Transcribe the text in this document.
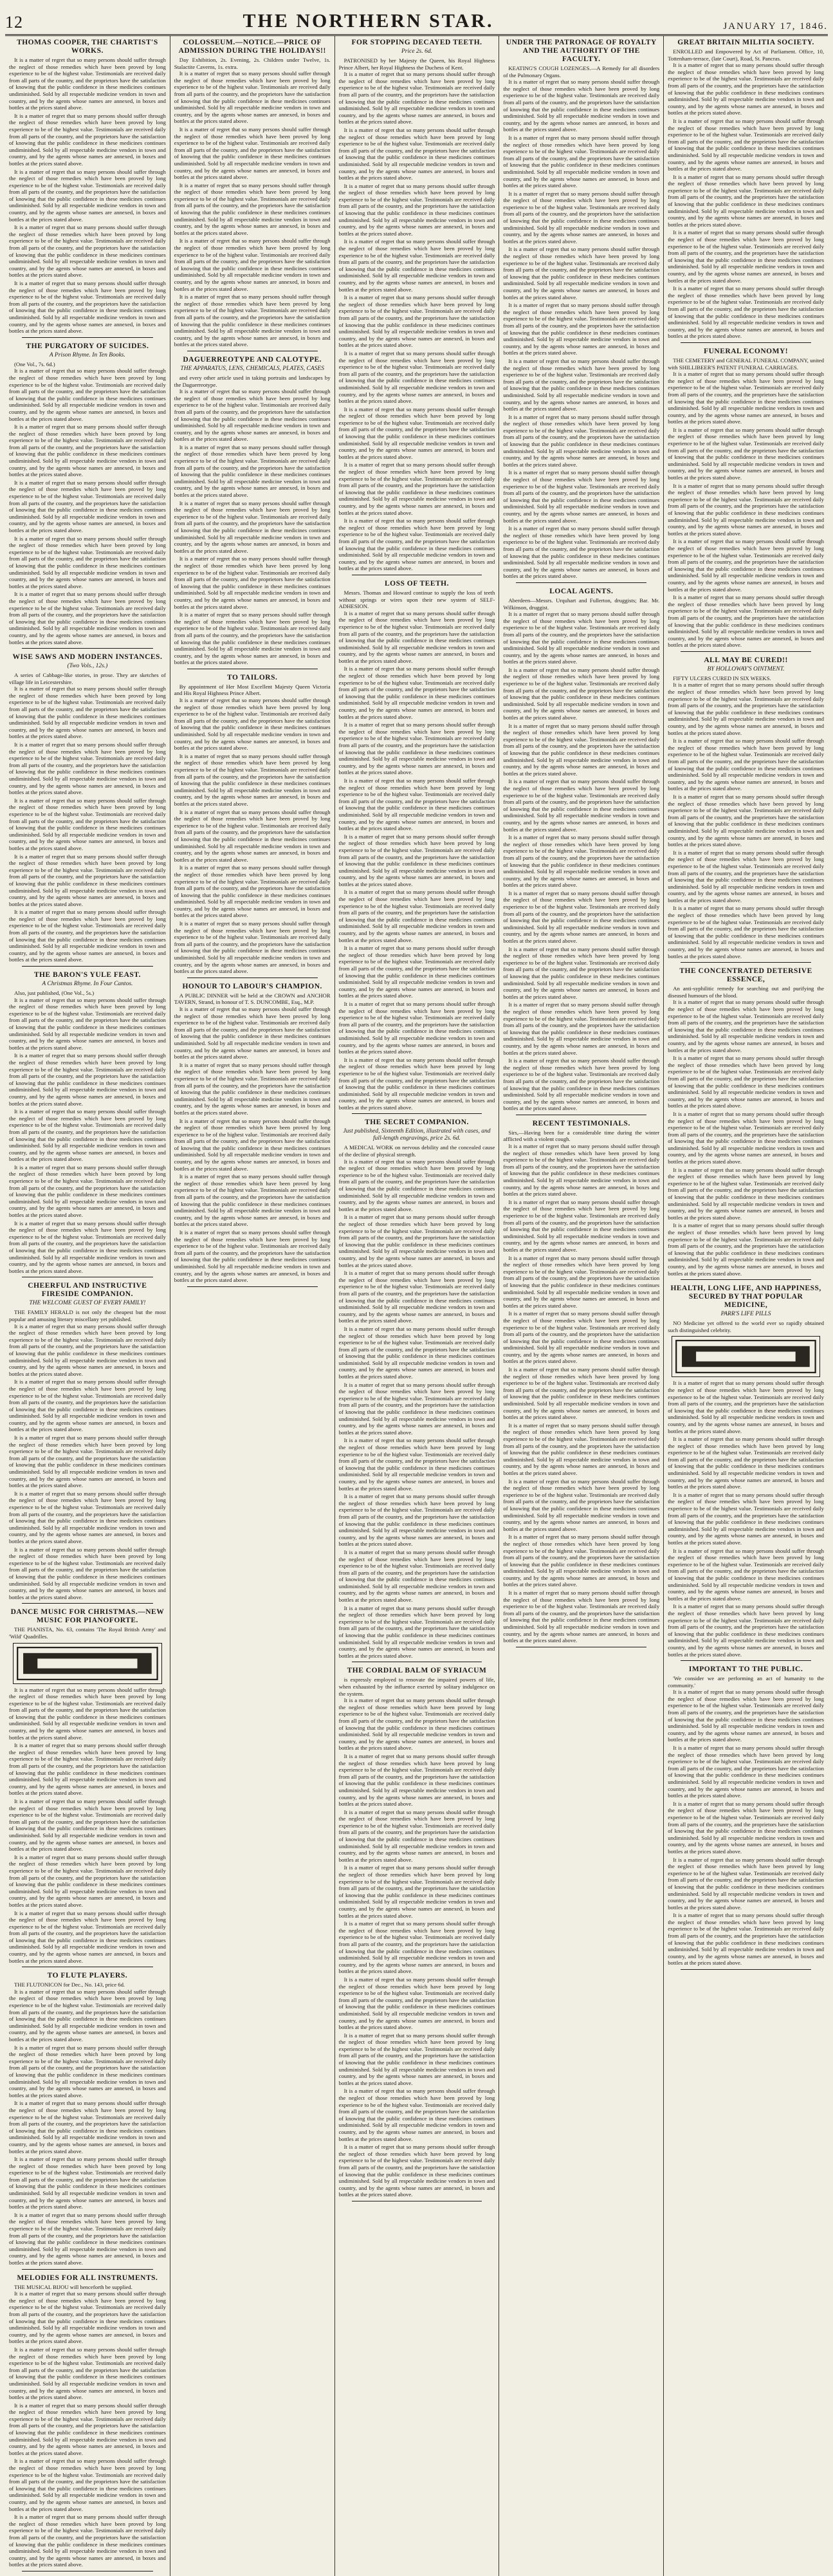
12	THE NORTHERN STAR.	JANUARY 17, 1846.
THOMAS COOPER, THE CHARTIST'S WORKS.

It is a matter of regret that so many persons should suffer through the neglect of those remedies which have been proved by long experience to be of the highest value. Testimonials are received daily from all parts of the country, and the proprietors have the satisfaction of knowing that the public confidence in these medicines continues undiminished. Sold by all respectable medicine vendors in town and country, and by the agents whose names are annexed, in boxes and bottles at the prices stated above.

It is a matter of regret that so many persons should suffer through the neglect of those remedies which have been proved by long experience to be of the highest value. Testimonials are received daily from all parts of the country, and the proprietors have the satisfaction of knowing that the public confidence in these medicines continues undiminished. Sold by all respectable medicine vendors in town and country, and by the agents whose names are annexed, in boxes and bottles at the prices stated above.

It is a matter of regret that so many persons should suffer through the neglect of those remedies which have been proved by long experience to be of the highest value. Testimonials are received daily from all parts of the country, and the proprietors have the satisfaction of knowing that the public confidence in these medicines continues undiminished. Sold by all respectable medicine vendors in town and country, and by the agents whose names are annexed, in boxes and bottles at the prices stated above.

It is a matter of regret that so many persons should suffer through the neglect of those remedies which have been proved by long experience to be of the highest value. Testimonials are received daily from all parts of the country, and the proprietors have the satisfaction of knowing that the public confidence in these medicines continues undiminished. Sold by all respectable medicine vendors in town and country, and by the agents whose names are annexed, in boxes and bottles at the prices stated above.

It is a matter of regret that so many persons should suffer through the neglect of those remedies which have been proved by long experience to be of the highest value. Testimonials are received daily from all parts of the country, and the proprietors have the satisfaction of knowing that the public confidence in these medicines continues undiminished. Sold by all respectable medicine vendors in town and country, and by the agents whose names are annexed, in boxes and bottles at the prices stated above.

THE PURGATORY OF SUICIDES.
A Prison Rhyme. In Ten Books.

(One Vol., 7s. 6d.)

It is a matter of regret that so many persons should suffer through the neglect of those remedies which have been proved by long experience to be of the highest value. Testimonials are received daily from all parts of the country, and the proprietors have the satisfaction of knowing that the public confidence in these medicines continues undiminished. Sold by all respectable medicine vendors in town and country, and by the agents whose names are annexed, in boxes and bottles at the prices stated above.

It is a matter of regret that so many persons should suffer through the neglect of those remedies which have been proved by long experience to be of the highest value. Testimonials are received daily from all parts of the country, and the proprietors have the satisfaction of knowing that the public confidence in these medicines continues undiminished. Sold by all respectable medicine vendors in town and country, and by the agents whose names are annexed, in boxes and bottles at the prices stated above.

It is a matter of regret that so many persons should suffer through the neglect of those remedies which have been proved by long experience to be of the highest value. Testimonials are received daily from all parts of the country, and the proprietors have the satisfaction of knowing that the public confidence in these medicines continues undiminished. Sold by all respectable medicine vendors in town and country, and by the agents whose names are annexed, in boxes and bottles at the prices stated above.

It is a matter of regret that so many persons should suffer through the neglect of those remedies which have been proved by long experience to be of the highest value. Testimonials are received daily from all parts of the country, and the proprietors have the satisfaction of knowing that the public confidence in these medicines continues undiminished. Sold by all respectable medicine vendors in town and country, and by the agents whose names are annexed, in boxes and bottles at the prices stated above.

It is a matter of regret that so many persons should suffer through the neglect of those remedies which have been proved by long experience to be of the highest value. Testimonials are received daily from all parts of the country, and the proprietors have the satisfaction of knowing that the public confidence in these medicines continues undiminished. Sold by all respectable medicine vendors in town and country, and by the agents whose names are annexed, in boxes and bottles at the prices stated above.

WISE SAWS AND MODERN INSTANCES.
(Two Vols., 12s.)

A series of Cabbage-like stories, in prose. They are sketches of village life in Leicestershire.

It is a matter of regret that so many persons should suffer through the neglect of those remedies which have been proved by long experience to be of the highest value. Testimonials are received daily from all parts of the country, and the proprietors have the satisfaction of knowing that the public confidence in these medicines continues undiminished. Sold by all respectable medicine vendors in town and country, and by the agents whose names are annexed, in boxes and bottles at the prices stated above.

It is a matter of regret that so many persons should suffer through the neglect of those remedies which have been proved by long experience to be of the highest value. Testimonials are received daily from all parts of the country, and the proprietors have the satisfaction of knowing that the public confidence in these medicines continues undiminished. Sold by all respectable medicine vendors in town and country, and by the agents whose names are annexed, in boxes and bottles at the prices stated above.

It is a matter of regret that so many persons should suffer through the neglect of those remedies which have been proved by long experience to be of the highest value. Testimonials are received daily from all parts of the country, and the proprietors have the satisfaction of knowing that the public confidence in these medicines continues undiminished. Sold by all respectable medicine vendors in town and country, and by the agents whose names are annexed, in boxes and bottles at the prices stated above.

It is a matter of regret that so many persons should suffer through the neglect of those remedies which have been proved by long experience to be of the highest value. Testimonials are received daily from all parts of the country, and the proprietors have the satisfaction of knowing that the public confidence in these medicines continues undiminished. Sold by all respectable medicine vendors in town and country, and by the agents whose names are annexed, in boxes and bottles at the prices stated above.

It is a matter of regret that so many persons should suffer through the neglect of those remedies which have been proved by long experience to be of the highest value. Testimonials are received daily from all parts of the country, and the proprietors have the satisfaction of knowing that the public confidence in these medicines continues undiminished. Sold by all respectable medicine vendors in town and country, and by the agents whose names are annexed, in boxes and bottles at the prices stated above.

THE BARON'S YULE FEAST.
A Christmas Rhyme. In Four Cantos.

Also, just published, (One Vol., 5s.)

It is a matter of regret that so many persons should suffer through the neglect of those remedies which have been proved by long experience to be of the highest value. Testimonials are received daily from all parts of the country, and the proprietors have the satisfaction of knowing that the public confidence in these medicines continues undiminished. Sold by all respectable medicine vendors in town and country, and by the agents whose names are annexed, in boxes and bottles at the prices stated above.

It is a matter of regret that so many persons should suffer through the neglect of those remedies which have been proved by long experience to be of the highest value. Testimonials are received daily from all parts of the country, and the proprietors have the satisfaction of knowing that the public confidence in these medicines continues undiminished. Sold by all respectable medicine vendors in town and country, and by the agents whose names are annexed, in boxes and bottles at the prices stated above.

It is a matter of regret that so many persons should suffer through the neglect of those remedies which have been proved by long experience to be of the highest value. Testimonials are received daily from all parts of the country, and the proprietors have the satisfaction of knowing that the public confidence in these medicines continues undiminished. Sold by all respectable medicine vendors in town and country, and by the agents whose names are annexed, in boxes and bottles at the prices stated above.

It is a matter of regret that so many persons should suffer through the neglect of those remedies which have been proved by long experience to be of the highest value. Testimonials are received daily from all parts of the country, and the proprietors have the satisfaction of knowing that the public confidence in these medicines continues undiminished. Sold by all respectable medicine vendors in town and country, and by the agents whose names are annexed, in boxes and bottles at the prices stated above.

It is a matter of regret that so many persons should suffer through the neglect of those remedies which have been proved by long experience to be of the highest value. Testimonials are received daily from all parts of the country, and the proprietors have the satisfaction of knowing that the public confidence in these medicines continues undiminished. Sold by all respectable medicine vendors in town and country, and by the agents whose names are annexed, in boxes and bottles at the prices stated above.

CHEERFUL AND INSTRUCTIVE FIRESIDE COMPANION.
THE WELCOME GUEST OF EVERY FAMILY!

THE FAMILY HERALD is not only the cheapest but the most popular and amusing literary miscellany yet published.

It is a matter of regret that so many persons should suffer through the neglect of those remedies which have been proved by long experience to be of the highest value. Testimonials are received daily from all parts of the country, and the proprietors have the satisfaction of knowing that the public confidence in these medicines continues undiminished. Sold by all respectable medicine vendors in town and country, and by the agents whose names are annexed, in boxes and bottles at the prices stated above.

It is a matter of regret that so many persons should suffer through the neglect of those remedies which have been proved by long experience to be of the highest value. Testimonials are received daily from all parts of the country, and the proprietors have the satisfaction of knowing that the public confidence in these medicines continues undiminished. Sold by all respectable medicine vendors in town and country, and by the agents whose names are annexed, in boxes and bottles at the prices stated above.

It is a matter of regret that so many persons should suffer through the neglect of those remedies which have been proved by long experience to be of the highest value. Testimonials are received daily from all parts of the country, and the proprietors have the satisfaction of knowing that the public confidence in these medicines continues undiminished. Sold by all respectable medicine vendors in town and country, and by the agents whose names are annexed, in boxes and bottles at the prices stated above.

It is a matter of regret that so many persons should suffer through the neglect of those remedies which have been proved by long experience to be of the highest value. Testimonials are received daily from all parts of the country, and the proprietors have the satisfaction of knowing that the public confidence in these medicines continues undiminished. Sold by all respectable medicine vendors in town and country, and by the agents whose names are annexed, in boxes and bottles at the prices stated above.

It is a matter of regret that so many persons should suffer through the neglect of those remedies which have been proved by long experience to be of the highest value. Testimonials are received daily from all parts of the country, and the proprietors have the satisfaction of knowing that the public confidence in these medicines continues undiminished. Sold by all respectable medicine vendors in town and country, and by the agents whose names are annexed, in boxes and bottles at the prices stated above.

DANCE MUSIC FOR CHRISTMAS.—NEW MUSIC FOR PIANOFORTE.

THE PIANISTA, No. 63, contains 'The Royal British Army' and 'Wild' Quadrilles.

It is a matter of regret that so many persons should suffer through the neglect of those remedies which have been proved by long experience to be of the highest value. Testimonials are received daily from all parts of the country, and the proprietors have the satisfaction of knowing that the public confidence in these medicines continues undiminished. Sold by all respectable medicine vendors in town and country, and by the agents whose names are annexed, in boxes and bottles at the prices stated above.

It is a matter of regret that so many persons should suffer through the neglect of those remedies which have been proved by long experience to be of the highest value. Testimonials are received daily from all parts of the country, and the proprietors have the satisfaction of knowing that the public confidence in these medicines continues undiminished. Sold by all respectable medicine vendors in town and country, and by the agents whose names are annexed, in boxes and bottles at the prices stated above.

It is a matter of regret that so many persons should suffer through the neglect of those remedies which have been proved by long experience to be of the highest value. Testimonials are received daily from all parts of the country, and the proprietors have the satisfaction of knowing that the public confidence in these medicines continues undiminished. Sold by all respectable medicine vendors in town and country, and by the agents whose names are annexed, in boxes and bottles at the prices stated above.

It is a matter of regret that so many persons should suffer through the neglect of those remedies which have been proved by long experience to be of the highest value. Testimonials are received daily from all parts of the country, and the proprietors have the satisfaction of knowing that the public confidence in these medicines continues undiminished. Sold by all respectable medicine vendors in town and country, and by the agents whose names are annexed, in boxes and bottles at the prices stated above.

It is a matter of regret that so many persons should suffer through the neglect of those remedies which have been proved by long experience to be of the highest value. Testimonials are received daily from all parts of the country, and the proprietors have the satisfaction of knowing that the public confidence in these medicines continues undiminished. Sold by all respectable medicine vendors in town and country, and by the agents whose names are annexed, in boxes and bottles at the prices stated above.

TO FLUTE PLAYERS.

THE FLUTONICON for Dec., No. 143, price 6d.

It is a matter of regret that so many persons should suffer through the neglect of those remedies which have been proved by long experience to be of the highest value. Testimonials are received daily from all parts of the country, and the proprietors have the satisfaction of knowing that the public confidence in these medicines continues undiminished. Sold by all respectable medicine vendors in town and country, and by the agents whose names are annexed, in boxes and bottles at the prices stated above.

It is a matter of regret that so many persons should suffer through the neglect of those remedies which have been proved by long experience to be of the highest value. Testimonials are received daily from all parts of the country, and the proprietors have the satisfaction of knowing that the public confidence in these medicines continues undiminished. Sold by all respectable medicine vendors in town and country, and by the agents whose names are annexed, in boxes and bottles at the prices stated above.

It is a matter of regret that so many persons should suffer through the neglect of those remedies which have been proved by long experience to be of the highest value. Testimonials are received daily from all parts of the country, and the proprietors have the satisfaction of knowing that the public confidence in these medicines continues undiminished. Sold by all respectable medicine vendors in town and country, and by the agents whose names are annexed, in boxes and bottles at the prices stated above.

It is a matter of regret that so many persons should suffer through the neglect of those remedies which have been proved by long experience to be of the highest value. Testimonials are received daily from all parts of the country, and the proprietors have the satisfaction of knowing that the public confidence in these medicines continues undiminished. Sold by all respectable medicine vendors in town and country, and by the agents whose names are annexed, in boxes and bottles at the prices stated above.

It is a matter of regret that so many persons should suffer through the neglect of those remedies which have been proved by long experience to be of the highest value. Testimonials are received daily from all parts of the country, and the proprietors have the satisfaction of knowing that the public confidence in these medicines continues undiminished. Sold by all respectable medicine vendors in town and country, and by the agents whose names are annexed, in boxes and bottles at the prices stated above.

MELODIES FOR ALL INSTRUMENTS.

THE MUSICAL BIJOU will henceforth be supplied.

It is a matter of regret that so many persons should suffer through the neglect of those remedies which have been proved by long experience to be of the highest value. Testimonials are received daily from all parts of the country, and the proprietors have the satisfaction of knowing that the public confidence in these medicines continues undiminished. Sold by all respectable medicine vendors in town and country, and by the agents whose names are annexed, in boxes and bottles at the prices stated above.

It is a matter of regret that so many persons should suffer through the neglect of those remedies which have been proved by long experience to be of the highest value. Testimonials are received daily from all parts of the country, and the proprietors have the satisfaction of knowing that the public confidence in these medicines continues undiminished. Sold by all respectable medicine vendors in town and country, and by the agents whose names are annexed, in boxes and bottles at the prices stated above.

It is a matter of regret that so many persons should suffer through the neglect of those remedies which have been proved by long experience to be of the highest value. Testimonials are received daily from all parts of the country, and the proprietors have the satisfaction of knowing that the public confidence in these medicines continues undiminished. Sold by all respectable medicine vendors in town and country, and by the agents whose names are annexed, in boxes and bottles at the prices stated above.

It is a matter of regret that so many persons should suffer through the neglect of those remedies which have been proved by long experience to be of the highest value. Testimonials are received daily from all parts of the country, and the proprietors have the satisfaction of knowing that the public confidence in these medicines continues undiminished. Sold by all respectable medicine vendors in town and country, and by the agents whose names are annexed, in boxes and bottles at the prices stated above.

It is a matter of regret that so many persons should suffer through the neglect of those remedies which have been proved by long experience to be of the highest value. Testimonials are received daily from all parts of the country, and the proprietors have the satisfaction of knowing that the public confidence in these medicines continues undiminished. Sold by all respectable medicine vendors in town and country, and by the agents whose names are annexed, in boxes and bottles at the prices stated above.

COLOSSEUM.—NOTICE.—PRICE OF ADMISSION DURING THE HOLIDAYS!!

Day Exhibition, 2s. Evening, 2s. Children under Twelve, 1s. Stalactite Caverns, 1s. extra.

It is a matter of regret that so many persons should suffer through the neglect of those remedies which have been proved by long experience to be of the highest value. Testimonials are received daily from all parts of the country, and the proprietors have the satisfaction of knowing that the public confidence in these medicines continues undiminished. Sold by all respectable medicine vendors in town and country, and by the agents whose names are annexed, in boxes and bottles at the prices stated above.

It is a matter of regret that so many persons should suffer through the neglect of those remedies which have been proved by long experience to be of the highest value. Testimonials are received daily from all parts of the country, and the proprietors have the satisfaction of knowing that the public confidence in these medicines continues undiminished. Sold by all respectable medicine vendors in town and country, and by the agents whose names are annexed, in boxes and bottles at the prices stated above.

It is a matter of regret that so many persons should suffer through the neglect of those remedies which have been proved by long experience to be of the highest value. Testimonials are received daily from all parts of the country, and the proprietors have the satisfaction of knowing that the public confidence in these medicines continues undiminished. Sold by all respectable medicine vendors in town and country, and by the agents whose names are annexed, in boxes and bottles at the prices stated above.

It is a matter of regret that so many persons should suffer through the neglect of those remedies which have been proved by long experience to be of the highest value. Testimonials are received daily from all parts of the country, and the proprietors have the satisfaction of knowing that the public confidence in these medicines continues undiminished. Sold by all respectable medicine vendors in town and country, and by the agents whose names are annexed, in boxes and bottles at the prices stated above.

It is a matter of regret that so many persons should suffer through the neglect of those remedies which have been proved by long experience to be of the highest value. Testimonials are received daily from all parts of the country, and the proprietors have the satisfaction of knowing that the public confidence in these medicines continues undiminished. Sold by all respectable medicine vendors in town and country, and by the agents whose names are annexed, in boxes and bottles at the prices stated above.

DAGUERREOTYPE AND CALOTYPE.
THE APPARATUS, LENS, CHEMICALS, PLATES, CASES

and every other article used in taking portraits and landscapes by the Daguerreotype.

It is a matter of regret that so many persons should suffer through the neglect of those remedies which have been proved by long experience to be of the highest value. Testimonials are received daily from all parts of the country, and the proprietors have the satisfaction of knowing that the public confidence in these medicines continues undiminished. Sold by all respectable medicine vendors in town and country, and by the agents whose names are annexed, in boxes and bottles at the prices stated above.

It is a matter of regret that so many persons should suffer through the neglect of those remedies which have been proved by long experience to be of the highest value. Testimonials are received daily from all parts of the country, and the proprietors have the satisfaction of knowing that the public confidence in these medicines continues undiminished. Sold by all respectable medicine vendors in town and country, and by the agents whose names are annexed, in boxes and bottles at the prices stated above.

It is a matter of regret that so many persons should suffer through the neglect of those remedies which have been proved by long experience to be of the highest value. Testimonials are received daily from all parts of the country, and the proprietors have the satisfaction of knowing that the public confidence in these medicines continues undiminished. Sold by all respectable medicine vendors in town and country, and by the agents whose names are annexed, in boxes and bottles at the prices stated above.

It is a matter of regret that so many persons should suffer through the neglect of those remedies which have been proved by long experience to be of the highest value. Testimonials are received daily from all parts of the country, and the proprietors have the satisfaction of knowing that the public confidence in these medicines continues undiminished. Sold by all respectable medicine vendors in town and country, and by the agents whose names are annexed, in boxes and bottles at the prices stated above.

It is a matter of regret that so many persons should suffer through the neglect of those remedies which have been proved by long experience to be of the highest value. Testimonials are received daily from all parts of the country, and the proprietors have the satisfaction of knowing that the public confidence in these medicines continues undiminished. Sold by all respectable medicine vendors in town and country, and by the agents whose names are annexed, in boxes and bottles at the prices stated above.

TO TAILORS.

By appointment of Her Most Excellent Majesty Queen Victoria and His Royal Highness Prince Albert.

It is a matter of regret that so many persons should suffer through the neglect of those remedies which have been proved by long experience to be of the highest value. Testimonials are received daily from all parts of the country, and the proprietors have the satisfaction of knowing that the public confidence in these medicines continues undiminished. Sold by all respectable medicine vendors in town and country, and by the agents whose names are annexed, in boxes and bottles at the prices stated above.

It is a matter of regret that so many persons should suffer through the neglect of those remedies which have been proved by long experience to be of the highest value. Testimonials are received daily from all parts of the country, and the proprietors have the satisfaction of knowing that the public confidence in these medicines continues undiminished. Sold by all respectable medicine vendors in town and country, and by the agents whose names are annexed, in boxes and bottles at the prices stated above.

It is a matter of regret that so many persons should suffer through the neglect of those remedies which have been proved by long experience to be of the highest value. Testimonials are received daily from all parts of the country, and the proprietors have the satisfaction of knowing that the public confidence in these medicines continues undiminished. Sold by all respectable medicine vendors in town and country, and by the agents whose names are annexed, in boxes and bottles at the prices stated above.

It is a matter of regret that so many persons should suffer through the neglect of those remedies which have been proved by long experience to be of the highest value. Testimonials are received daily from all parts of the country, and the proprietors have the satisfaction of knowing that the public confidence in these medicines continues undiminished. Sold by all respectable medicine vendors in town and country, and by the agents whose names are annexed, in boxes and bottles at the prices stated above.

It is a matter of regret that so many persons should suffer through the neglect of those remedies which have been proved by long experience to be of the highest value. Testimonials are received daily from all parts of the country, and the proprietors have the satisfaction of knowing that the public confidence in these medicines continues undiminished. Sold by all respectable medicine vendors in town and country, and by the agents whose names are annexed, in boxes and bottles at the prices stated above.

HONOUR TO LABOUR'S CHAMPION.

A PUBLIC DINNER will be held at the CROWN and ANCHOR TAVERN, Strand, in honour of T. S. DUNCOMBE, Esq., M.P.

It is a matter of regret that so many persons should suffer through the neglect of those remedies which have been proved by long experience to be of the highest value. Testimonials are received daily from all parts of the country, and the proprietors have the satisfaction of knowing that the public confidence in these medicines continues undiminished. Sold by all respectable medicine vendors in town and country, and by the agents whose names are annexed, in boxes and bottles at the prices stated above.

It is a matter of regret that so many persons should suffer through the neglect of those remedies which have been proved by long experience to be of the highest value. Testimonials are received daily from all parts of the country, and the proprietors have the satisfaction of knowing that the public confidence in these medicines continues undiminished. Sold by all respectable medicine vendors in town and country, and by the agents whose names are annexed, in boxes and bottles at the prices stated above.

It is a matter of regret that so many persons should suffer through the neglect of those remedies which have been proved by long experience to be of the highest value. Testimonials are received daily from all parts of the country, and the proprietors have the satisfaction of knowing that the public confidence in these medicines continues undiminished. Sold by all respectable medicine vendors in town and country, and by the agents whose names are annexed, in boxes and bottles at the prices stated above.

It is a matter of regret that so many persons should suffer through the neglect of those remedies which have been proved by long experience to be of the highest value. Testimonials are received daily from all parts of the country, and the proprietors have the satisfaction of knowing that the public confidence in these medicines continues undiminished. Sold by all respectable medicine vendors in town and country, and by the agents whose names are annexed, in boxes and bottles at the prices stated above.

It is a matter of regret that so many persons should suffer through the neglect of those remedies which have been proved by long experience to be of the highest value. Testimonials are received daily from all parts of the country, and the proprietors have the satisfaction of knowing that the public confidence in these medicines continues undiminished. Sold by all respectable medicine vendors in town and country, and by the agents whose names are annexed, in boxes and bottles at the prices stated above.

FOR STOPPING DECAYED TEETH.
Price 2s. 6d.

PATRONISED by her Majesty the Queen, his Royal Highness Prince Albert, her Royal Highness the Duchess of Kent.

It is a matter of regret that so many persons should suffer through the neglect of those remedies which have been proved by long experience to be of the highest value. Testimonials are received daily from all parts of the country, and the proprietors have the satisfaction of knowing that the public confidence in these medicines continues undiminished. Sold by all respectable medicine vendors in town and country, and by the agents whose names are annexed, in boxes and bottles at the prices stated above.

It is a matter of regret that so many persons should suffer through the neglect of those remedies which have been proved by long experience to be of the highest value. Testimonials are received daily from all parts of the country, and the proprietors have the satisfaction of knowing that the public confidence in these medicines continues undiminished. Sold by all respectable medicine vendors in town and country, and by the agents whose names are annexed, in boxes and bottles at the prices stated above.

It is a matter of regret that so many persons should suffer through the neglect of those remedies which have been proved by long experience to be of the highest value. Testimonials are received daily from all parts of the country, and the proprietors have the satisfaction of knowing that the public confidence in these medicines continues undiminished. Sold by all respectable medicine vendors in town and country, and by the agents whose names are annexed, in boxes and bottles at the prices stated above.

It is a matter of regret that so many persons should suffer through the neglect of those remedies which have been proved by long experience to be of the highest value. Testimonials are received daily from all parts of the country, and the proprietors have the satisfaction of knowing that the public confidence in these medicines continues undiminished. Sold by all respectable medicine vendors in town and country, and by the agents whose names are annexed, in boxes and bottles at the prices stated above.

It is a matter of regret that so many persons should suffer through the neglect of those remedies which have been proved by long experience to be of the highest value. Testimonials are received daily from all parts of the country, and the proprietors have the satisfaction of knowing that the public confidence in these medicines continues undiminished. Sold by all respectable medicine vendors in town and country, and by the agents whose names are annexed, in boxes and bottles at the prices stated above.

It is a matter of regret that so many persons should suffer through the neglect of those remedies which have been proved by long experience to be of the highest value. Testimonials are received daily from all parts of the country, and the proprietors have the satisfaction of knowing that the public confidence in these medicines continues undiminished. Sold by all respectable medicine vendors in town and country, and by the agents whose names are annexed, in boxes and bottles at the prices stated above.

It is a matter of regret that so many persons should suffer through the neglect of those remedies which have been proved by long experience to be of the highest value. Testimonials are received daily from all parts of the country, and the proprietors have the satisfaction of knowing that the public confidence in these medicines continues undiminished. Sold by all respectable medicine vendors in town and country, and by the agents whose names are annexed, in boxes and bottles at the prices stated above.

It is a matter of regret that so many persons should suffer through the neglect of those remedies which have been proved by long experience to be of the highest value. Testimonials are received daily from all parts of the country, and the proprietors have the satisfaction of knowing that the public confidence in these medicines continues undiminished. Sold by all respectable medicine vendors in town and country, and by the agents whose names are annexed, in boxes and bottles at the prices stated above.

It is a matter of regret that so many persons should suffer through the neglect of those remedies which have been proved by long experience to be of the highest value. Testimonials are received daily from all parts of the country, and the proprietors have the satisfaction of knowing that the public confidence in these medicines continues undiminished. Sold by all respectable medicine vendors in town and country, and by the agents whose names are annexed, in boxes and bottles at the prices stated above.

LOSS OF TEETH.

Messrs. Thomas and Howard continue to supply the loss of teeth without springs or wires upon their new system of SELF-ADHESION.

It is a matter of regret that so many persons should suffer through the neglect of those remedies which have been proved by long experience to be of the highest value. Testimonials are received daily from all parts of the country, and the proprietors have the satisfaction of knowing that the public confidence in these medicines continues undiminished. Sold by all respectable medicine vendors in town and country, and by the agents whose names are annexed, in boxes and bottles at the prices stated above.

It is a matter of regret that so many persons should suffer through the neglect of those remedies which have been proved by long experience to be of the highest value. Testimonials are received daily from all parts of the country, and the proprietors have the satisfaction of knowing that the public confidence in these medicines continues undiminished. Sold by all respectable medicine vendors in town and country, and by the agents whose names are annexed, in boxes and bottles at the prices stated above.

It is a matter of regret that so many persons should suffer through the neglect of those remedies which have been proved by long experience to be of the highest value. Testimonials are received daily from all parts of the country, and the proprietors have the satisfaction of knowing that the public confidence in these medicines continues undiminished. Sold by all respectable medicine vendors in town and country, and by the agents whose names are annexed, in boxes and bottles at the prices stated above.

It is a matter of regret that so many persons should suffer through the neglect of those remedies which have been proved by long experience to be of the highest value. Testimonials are received daily from all parts of the country, and the proprietors have the satisfaction of knowing that the public confidence in these medicines continues undiminished. Sold by all respectable medicine vendors in town and country, and by the agents whose names are annexed, in boxes and bottles at the prices stated above.

It is a matter of regret that so many persons should suffer through the neglect of those remedies which have been proved by long experience to be of the highest value. Testimonials are received daily from all parts of the country, and the proprietors have the satisfaction of knowing that the public confidence in these medicines continues undiminished. Sold by all respectable medicine vendors in town and country, and by the agents whose names are annexed, in boxes and bottles at the prices stated above.

It is a matter of regret that so many persons should suffer through the neglect of those remedies which have been proved by long experience to be of the highest value. Testimonials are received daily from all parts of the country, and the proprietors have the satisfaction of knowing that the public confidence in these medicines continues undiminished. Sold by all respectable medicine vendors in town and country, and by the agents whose names are annexed, in boxes and bottles at the prices stated above.

It is a matter of regret that so many persons should suffer through the neglect of those remedies which have been proved by long experience to be of the highest value. Testimonials are received daily from all parts of the country, and the proprietors have the satisfaction of knowing that the public confidence in these medicines continues undiminished. Sold by all respectable medicine vendors in town and country, and by the agents whose names are annexed, in boxes and bottles at the prices stated above.

It is a matter of regret that so many persons should suffer through the neglect of those remedies which have been proved by long experience to be of the highest value. Testimonials are received daily from all parts of the country, and the proprietors have the satisfaction of knowing that the public confidence in these medicines continues undiminished. Sold by all respectable medicine vendors in town and country, and by the agents whose names are annexed, in boxes and bottles at the prices stated above.

It is a matter of regret that so many persons should suffer through the neglect of those remedies which have been proved by long experience to be of the highest value. Testimonials are received daily from all parts of the country, and the proprietors have the satisfaction of knowing that the public confidence in these medicines continues undiminished. Sold by all respectable medicine vendors in town and country, and by the agents whose names are annexed, in boxes and bottles at the prices stated above.

THE SECRET COMPANION.
Just published, Sixteenth Edition, illustrated with cases, and full-length engravings, price 2s. 6d.

A MEDICAL WORK on nervous debility and the concealed cause of the decline of physical strength.

It is a matter of regret that so many persons should suffer through the neglect of those remedies which have been proved by long experience to be of the highest value. Testimonials are received daily from all parts of the country, and the proprietors have the satisfaction of knowing that the public confidence in these medicines continues undiminished. Sold by all respectable medicine vendors in town and country, and by the agents whose names are annexed, in boxes and bottles at the prices stated above.

It is a matter of regret that so many persons should suffer through the neglect of those remedies which have been proved by long experience to be of the highest value. Testimonials are received daily from all parts of the country, and the proprietors have the satisfaction of knowing that the public confidence in these medicines continues undiminished. Sold by all respectable medicine vendors in town and country, and by the agents whose names are annexed, in boxes and bottles at the prices stated above.

It is a matter of regret that so many persons should suffer through the neglect of those remedies which have been proved by long experience to be of the highest value. Testimonials are received daily from all parts of the country, and the proprietors have the satisfaction of knowing that the public confidence in these medicines continues undiminished. Sold by all respectable medicine vendors in town and country, and by the agents whose names are annexed, in boxes and bottles at the prices stated above.

It is a matter of regret that so many persons should suffer through the neglect of those remedies which have been proved by long experience to be of the highest value. Testimonials are received daily from all parts of the country, and the proprietors have the satisfaction of knowing that the public confidence in these medicines continues undiminished. Sold by all respectable medicine vendors in town and country, and by the agents whose names are annexed, in boxes and bottles at the prices stated above.

It is a matter of regret that so many persons should suffer through the neglect of those remedies which have been proved by long experience to be of the highest value. Testimonials are received daily from all parts of the country, and the proprietors have the satisfaction of knowing that the public confidence in these medicines continues undiminished. Sold by all respectable medicine vendors in town and country, and by the agents whose names are annexed, in boxes and bottles at the prices stated above.

It is a matter of regret that so many persons should suffer through the neglect of those remedies which have been proved by long experience to be of the highest value. Testimonials are received daily from all parts of the country, and the proprietors have the satisfaction of knowing that the public confidence in these medicines continues undiminished. Sold by all respectable medicine vendors in town and country, and by the agents whose names are annexed, in boxes and bottles at the prices stated above.

It is a matter of regret that so many persons should suffer through the neglect of those remedies which have been proved by long experience to be of the highest value. Testimonials are received daily from all parts of the country, and the proprietors have the satisfaction of knowing that the public confidence in these medicines continues undiminished. Sold by all respectable medicine vendors in town and country, and by the agents whose names are annexed, in boxes and bottles at the prices stated above.

It is a matter of regret that so many persons should suffer through the neglect of those remedies which have been proved by long experience to be of the highest value. Testimonials are received daily from all parts of the country, and the proprietors have the satisfaction of knowing that the public confidence in these medicines continues undiminished. Sold by all respectable medicine vendors in town and country, and by the agents whose names are annexed, in boxes and bottles at the prices stated above.

It is a matter of regret that so many persons should suffer through the neglect of those remedies which have been proved by long experience to be of the highest value. Testimonials are received daily from all parts of the country, and the proprietors have the satisfaction of knowing that the public confidence in these medicines continues undiminished. Sold by all respectable medicine vendors in town and country, and by the agents whose names are annexed, in boxes and bottles at the prices stated above.

THE CORDIAL BALM OF SYRIACUM

is expressly employed to renovate the impaired powers of life, when exhausted by the influence exerted by solitary indulgence on the system.

It is a matter of regret that so many persons should suffer through the neglect of those remedies which have been proved by long experience to be of the highest value. Testimonials are received daily from all parts of the country, and the proprietors have the satisfaction of knowing that the public confidence in these medicines continues undiminished. Sold by all respectable medicine vendors in town and country, and by the agents whose names are annexed, in boxes and bottles at the prices stated above.

It is a matter of regret that so many persons should suffer through the neglect of those remedies which have been proved by long experience to be of the highest value. Testimonials are received daily from all parts of the country, and the proprietors have the satisfaction of knowing that the public confidence in these medicines continues undiminished. Sold by all respectable medicine vendors in town and country, and by the agents whose names are annexed, in boxes and bottles at the prices stated above.

It is a matter of regret that so many persons should suffer through the neglect of those remedies which have been proved by long experience to be of the highest value. Testimonials are received daily from all parts of the country, and the proprietors have the satisfaction of knowing that the public confidence in these medicines continues undiminished. Sold by all respectable medicine vendors in town and country, and by the agents whose names are annexed, in boxes and bottles at the prices stated above.

It is a matter of regret that so many persons should suffer through the neglect of those remedies which have been proved by long experience to be of the highest value. Testimonials are received daily from all parts of the country, and the proprietors have the satisfaction of knowing that the public confidence in these medicines continues undiminished. Sold by all respectable medicine vendors in town and country, and by the agents whose names are annexed, in boxes and bottles at the prices stated above.

It is a matter of regret that so many persons should suffer through the neglect of those remedies which have been proved by long experience to be of the highest value. Testimonials are received daily from all parts of the country, and the proprietors have the satisfaction of knowing that the public confidence in these medicines continues undiminished. Sold by all respectable medicine vendors in town and country, and by the agents whose names are annexed, in boxes and bottles at the prices stated above.

It is a matter of regret that so many persons should suffer through the neglect of those remedies which have been proved by long experience to be of the highest value. Testimonials are received daily from all parts of the country, and the proprietors have the satisfaction of knowing that the public confidence in these medicines continues undiminished. Sold by all respectable medicine vendors in town and country, and by the agents whose names are annexed, in boxes and bottles at the prices stated above.

It is a matter of regret that so many persons should suffer through the neglect of those remedies which have been proved by long experience to be of the highest value. Testimonials are received daily from all parts of the country, and the proprietors have the satisfaction of knowing that the public confidence in these medicines continues undiminished. Sold by all respectable medicine vendors in town and country, and by the agents whose names are annexed, in boxes and bottles at the prices stated above.

It is a matter of regret that so many persons should suffer through the neglect of those remedies which have been proved by long experience to be of the highest value. Testimonials are received daily from all parts of the country, and the proprietors have the satisfaction of knowing that the public confidence in these medicines continues undiminished. Sold by all respectable medicine vendors in town and country, and by the agents whose names are annexed, in boxes and bottles at the prices stated above.

It is a matter of regret that so many persons should suffer through the neglect of those remedies which have been proved by long experience to be of the highest value. Testimonials are received daily from all parts of the country, and the proprietors have the satisfaction of knowing that the public confidence in these medicines continues undiminished. Sold by all respectable medicine vendors in town and country, and by the agents whose names are annexed, in boxes and bottles at the prices stated above.

UNDER THE PATRONAGE OF ROYALTY AND THE AUTHORITY OF THE FACULTY.

KEATING'S COUGH LOZENGES.—A Remedy for all disorders of the Pulmonary Organs.

It is a matter of regret that so many persons should suffer through the neglect of those remedies which have been proved by long experience to be of the highest value. Testimonials are received daily from all parts of the country, and the proprietors have the satisfaction of knowing that the public confidence in these medicines continues undiminished. Sold by all respectable medicine vendors in town and country, and by the agents whose names are annexed, in boxes and bottles at the prices stated above.

It is a matter of regret that so many persons should suffer through the neglect of those remedies which have been proved by long experience to be of the highest value. Testimonials are received daily from all parts of the country, and the proprietors have the satisfaction of knowing that the public confidence in these medicines continues undiminished. Sold by all respectable medicine vendors in town and country, and by the agents whose names are annexed, in boxes and bottles at the prices stated above.

It is a matter of regret that so many persons should suffer through the neglect of those remedies which have been proved by long experience to be of the highest value. Testimonials are received daily from all parts of the country, and the proprietors have the satisfaction of knowing that the public confidence in these medicines continues undiminished. Sold by all respectable medicine vendors in town and country, and by the agents whose names are annexed, in boxes and bottles at the prices stated above.

It is a matter of regret that so many persons should suffer through the neglect of those remedies which have been proved by long experience to be of the highest value. Testimonials are received daily from all parts of the country, and the proprietors have the satisfaction of knowing that the public confidence in these medicines continues undiminished. Sold by all respectable medicine vendors in town and country, and by the agents whose names are annexed, in boxes and bottles at the prices stated above.

It is a matter of regret that so many persons should suffer through the neglect of those remedies which have been proved by long experience to be of the highest value. Testimonials are received daily from all parts of the country, and the proprietors have the satisfaction of knowing that the public confidence in these medicines continues undiminished. Sold by all respectable medicine vendors in town and country, and by the agents whose names are annexed, in boxes and bottles at the prices stated above.

It is a matter of regret that so many persons should suffer through the neglect of those remedies which have been proved by long experience to be of the highest value. Testimonials are received daily from all parts of the country, and the proprietors have the satisfaction of knowing that the public confidence in these medicines continues undiminished. Sold by all respectable medicine vendors in town and country, and by the agents whose names are annexed, in boxes and bottles at the prices stated above.

It is a matter of regret that so many persons should suffer through the neglect of those remedies which have been proved by long experience to be of the highest value. Testimonials are received daily from all parts of the country, and the proprietors have the satisfaction of knowing that the public confidence in these medicines continues undiminished. Sold by all respectable medicine vendors in town and country, and by the agents whose names are annexed, in boxes and bottles at the prices stated above.

It is a matter of regret that so many persons should suffer through the neglect of those remedies which have been proved by long experience to be of the highest value. Testimonials are received daily from all parts of the country, and the proprietors have the satisfaction of knowing that the public confidence in these medicines continues undiminished. Sold by all respectable medicine vendors in town and country, and by the agents whose names are annexed, in boxes and bottles at the prices stated above.

It is a matter of regret that so many persons should suffer through the neglect of those remedies which have been proved by long experience to be of the highest value. Testimonials are received daily from all parts of the country, and the proprietors have the satisfaction of knowing that the public confidence in these medicines continues undiminished. Sold by all respectable medicine vendors in town and country, and by the agents whose names are annexed, in boxes and bottles at the prices stated above.

LOCAL AGENTS.

Aberdeen—Messrs. Urquhart and Fullerton, druggists; Bar. Mr. Wilkinson, druggist.

It is a matter of regret that so many persons should suffer through the neglect of those remedies which have been proved by long experience to be of the highest value. Testimonials are received daily from all parts of the country, and the proprietors have the satisfaction of knowing that the public confidence in these medicines continues undiminished. Sold by all respectable medicine vendors in town and country, and by the agents whose names are annexed, in boxes and bottles at the prices stated above.

It is a matter of regret that so many persons should suffer through the neglect of those remedies which have been proved by long experience to be of the highest value. Testimonials are received daily from all parts of the country, and the proprietors have the satisfaction of knowing that the public confidence in these medicines continues undiminished. Sold by all respectable medicine vendors in town and country, and by the agents whose names are annexed, in boxes and bottles at the prices stated above.

It is a matter of regret that so many persons should suffer through the neglect of those remedies which have been proved by long experience to be of the highest value. Testimonials are received daily from all parts of the country, and the proprietors have the satisfaction of knowing that the public confidence in these medicines continues undiminished. Sold by all respectable medicine vendors in town and country, and by the agents whose names are annexed, in boxes and bottles at the prices stated above.

It is a matter of regret that so many persons should suffer through the neglect of those remedies which have been proved by long experience to be of the highest value. Testimonials are received daily from all parts of the country, and the proprietors have the satisfaction of knowing that the public confidence in these medicines continues undiminished. Sold by all respectable medicine vendors in town and country, and by the agents whose names are annexed, in boxes and bottles at the prices stated above.

It is a matter of regret that so many persons should suffer through the neglect of those remedies which have been proved by long experience to be of the highest value. Testimonials are received daily from all parts of the country, and the proprietors have the satisfaction of knowing that the public confidence in these medicines continues undiminished. Sold by all respectable medicine vendors in town and country, and by the agents whose names are annexed, in boxes and bottles at the prices stated above.

It is a matter of regret that so many persons should suffer through the neglect of those remedies which have been proved by long experience to be of the highest value. Testimonials are received daily from all parts of the country, and the proprietors have the satisfaction of knowing that the public confidence in these medicines continues undiminished. Sold by all respectable medicine vendors in town and country, and by the agents whose names are annexed, in boxes and bottles at the prices stated above.

It is a matter of regret that so many persons should suffer through the neglect of those remedies which have been proved by long experience to be of the highest value. Testimonials are received daily from all parts of the country, and the proprietors have the satisfaction of knowing that the public confidence in these medicines continues undiminished. Sold by all respectable medicine vendors in town and country, and by the agents whose names are annexed, in boxes and bottles at the prices stated above.

It is a matter of regret that so many persons should suffer through the neglect of those remedies which have been proved by long experience to be of the highest value. Testimonials are received daily from all parts of the country, and the proprietors have the satisfaction of knowing that the public confidence in these medicines continues undiminished. Sold by all respectable medicine vendors in town and country, and by the agents whose names are annexed, in boxes and bottles at the prices stated above.

It is a matter of regret that so many persons should suffer through the neglect of those remedies which have been proved by long experience to be of the highest value. Testimonials are received daily from all parts of the country, and the proprietors have the satisfaction of knowing that the public confidence in these medicines continues undiminished. Sold by all respectable medicine vendors in town and country, and by the agents whose names are annexed, in boxes and bottles at the prices stated above.

RECENT TESTIMONIALS.

Sirs,—Having been for a considerable time during the winter afflicted with a violent cough.

It is a matter of regret that so many persons should suffer through the neglect of those remedies which have been proved by long experience to be of the highest value. Testimonials are received daily from all parts of the country, and the proprietors have the satisfaction of knowing that the public confidence in these medicines continues undiminished. Sold by all respectable medicine vendors in town and country, and by the agents whose names are annexed, in boxes and bottles at the prices stated above.

It is a matter of regret that so many persons should suffer through the neglect of those remedies which have been proved by long experience to be of the highest value. Testimonials are received daily from all parts of the country, and the proprietors have the satisfaction of knowing that the public confidence in these medicines continues undiminished. Sold by all respectable medicine vendors in town and country, and by the agents whose names are annexed, in boxes and bottles at the prices stated above.

It is a matter of regret that so many persons should suffer through the neglect of those remedies which have been proved by long experience to be of the highest value. Testimonials are received daily from all parts of the country, and the proprietors have the satisfaction of knowing that the public confidence in these medicines continues undiminished. Sold by all respectable medicine vendors in town and country, and by the agents whose names are annexed, in boxes and bottles at the prices stated above.

It is a matter of regret that so many persons should suffer through the neglect of those remedies which have been proved by long experience to be of the highest value. Testimonials are received daily from all parts of the country, and the proprietors have the satisfaction of knowing that the public confidence in these medicines continues undiminished. Sold by all respectable medicine vendors in town and country, and by the agents whose names are annexed, in boxes and bottles at the prices stated above.

It is a matter of regret that so many persons should suffer through the neglect of those remedies which have been proved by long experience to be of the highest value. Testimonials are received daily from all parts of the country, and the proprietors have the satisfaction of knowing that the public confidence in these medicines continues undiminished. Sold by all respectable medicine vendors in town and country, and by the agents whose names are annexed, in boxes and bottles at the prices stated above.

It is a matter of regret that so many persons should suffer through the neglect of those remedies which have been proved by long experience to be of the highest value. Testimonials are received daily from all parts of the country, and the proprietors have the satisfaction of knowing that the public confidence in these medicines continues undiminished. Sold by all respectable medicine vendors in town and country, and by the agents whose names are annexed, in boxes and bottles at the prices stated above.

It is a matter of regret that so many persons should suffer through the neglect of those remedies which have been proved by long experience to be of the highest value. Testimonials are received daily from all parts of the country, and the proprietors have the satisfaction of knowing that the public confidence in these medicines continues undiminished. Sold by all respectable medicine vendors in town and country, and by the agents whose names are annexed, in boxes and bottles at the prices stated above.

It is a matter of regret that so many persons should suffer through the neglect of those remedies which have been proved by long experience to be of the highest value. Testimonials are received daily from all parts of the country, and the proprietors have the satisfaction of knowing that the public confidence in these medicines continues undiminished. Sold by all respectable medicine vendors in town and country, and by the agents whose names are annexed, in boxes and bottles at the prices stated above.

It is a matter of regret that so many persons should suffer through the neglect of those remedies which have been proved by long experience to be of the highest value. Testimonials are received daily from all parts of the country, and the proprietors have the satisfaction of knowing that the public confidence in these medicines continues undiminished. Sold by all respectable medicine vendors in town and country, and by the agents whose names are annexed, in boxes and bottles at the prices stated above.

GREAT BRITAIN MILITIA SOCIETY.

ENROLLED and Empowered by Act of Parliament. Office, 10, Tottenham-terrace, (late Court), Road, St. Pancras.

It is a matter of regret that so many persons should suffer through the neglect of those remedies which have been proved by long experience to be of the highest value. Testimonials are received daily from all parts of the country, and the proprietors have the satisfaction of knowing that the public confidence in these medicines continues undiminished. Sold by all respectable medicine vendors in town and country, and by the agents whose names are annexed, in boxes and bottles at the prices stated above.

It is a matter of regret that so many persons should suffer through the neglect of those remedies which have been proved by long experience to be of the highest value. Testimonials are received daily from all parts of the country, and the proprietors have the satisfaction of knowing that the public confidence in these medicines continues undiminished. Sold by all respectable medicine vendors in town and country, and by the agents whose names are annexed, in boxes and bottles at the prices stated above.

It is a matter of regret that so many persons should suffer through the neglect of those remedies which have been proved by long experience to be of the highest value. Testimonials are received daily from all parts of the country, and the proprietors have the satisfaction of knowing that the public confidence in these medicines continues undiminished. Sold by all respectable medicine vendors in town and country, and by the agents whose names are annexed, in boxes and bottles at the prices stated above.

It is a matter of regret that so many persons should suffer through the neglect of those remedies which have been proved by long experience to be of the highest value. Testimonials are received daily from all parts of the country, and the proprietors have the satisfaction of knowing that the public confidence in these medicines continues undiminished. Sold by all respectable medicine vendors in town and country, and by the agents whose names are annexed, in boxes and bottles at the prices stated above.

It is a matter of regret that so many persons should suffer through the neglect of those remedies which have been proved by long experience to be of the highest value. Testimonials are received daily from all parts of the country, and the proprietors have the satisfaction of knowing that the public confidence in these medicines continues undiminished. Sold by all respectable medicine vendors in town and country, and by the agents whose names are annexed, in boxes and bottles at the prices stated above.

FUNERAL ECONOMY!

THE CEMETERY and GENERAL FUNERAL COMPANY, united with SHILLIBEER'S PATENT FUNERAL CARRIAGES.

It is a matter of regret that so many persons should suffer through the neglect of those remedies which have been proved by long experience to be of the highest value. Testimonials are received daily from all parts of the country, and the proprietors have the satisfaction of knowing that the public confidence in these medicines continues undiminished. Sold by all respectable medicine vendors in town and country, and by the agents whose names are annexed, in boxes and bottles at the prices stated above.

It is a matter of regret that so many persons should suffer through the neglect of those remedies which have been proved by long experience to be of the highest value. Testimonials are received daily from all parts of the country, and the proprietors have the satisfaction of knowing that the public confidence in these medicines continues undiminished. Sold by all respectable medicine vendors in town and country, and by the agents whose names are annexed, in boxes and bottles at the prices stated above.

It is a matter of regret that so many persons should suffer through the neglect of those remedies which have been proved by long experience to be of the highest value. Testimonials are received daily from all parts of the country, and the proprietors have the satisfaction of knowing that the public confidence in these medicines continues undiminished. Sold by all respectable medicine vendors in town and country, and by the agents whose names are annexed, in boxes and bottles at the prices stated above.

It is a matter of regret that so many persons should suffer through the neglect of those remedies which have been proved by long experience to be of the highest value. Testimonials are received daily from all parts of the country, and the proprietors have the satisfaction of knowing that the public confidence in these medicines continues undiminished. Sold by all respectable medicine vendors in town and country, and by the agents whose names are annexed, in boxes and bottles at the prices stated above.

It is a matter of regret that so many persons should suffer through the neglect of those remedies which have been proved by long experience to be of the highest value. Testimonials are received daily from all parts of the country, and the proprietors have the satisfaction of knowing that the public confidence in these medicines continues undiminished. Sold by all respectable medicine vendors in town and country, and by the agents whose names are annexed, in boxes and bottles at the prices stated above.

ALL MAY BE CURED!!
BY HOLLOWAY'S OINTMENT.

FIFTY ULCERS CURED IN SIX WEEKS.

It is a matter of regret that so many persons should suffer through the neglect of those remedies which have been proved by long experience to be of the highest value. Testimonials are received daily from all parts of the country, and the proprietors have the satisfaction of knowing that the public confidence in these medicines continues undiminished. Sold by all respectable medicine vendors in town and country, and by the agents whose names are annexed, in boxes and bottles at the prices stated above.

It is a matter of regret that so many persons should suffer through the neglect of those remedies which have been proved by long experience to be of the highest value. Testimonials are received daily from all parts of the country, and the proprietors have the satisfaction of knowing that the public confidence in these medicines continues undiminished. Sold by all respectable medicine vendors in town and country, and by the agents whose names are annexed, in boxes and bottles at the prices stated above.

It is a matter of regret that so many persons should suffer through the neglect of those remedies which have been proved by long experience to be of the highest value. Testimonials are received daily from all parts of the country, and the proprietors have the satisfaction of knowing that the public confidence in these medicines continues undiminished. Sold by all respectable medicine vendors in town and country, and by the agents whose names are annexed, in boxes and bottles at the prices stated above.

It is a matter of regret that so many persons should suffer through the neglect of those remedies which have been proved by long experience to be of the highest value. Testimonials are received daily from all parts of the country, and the proprietors have the satisfaction of knowing that the public confidence in these medicines continues undiminished. Sold by all respectable medicine vendors in town and country, and by the agents whose names are annexed, in boxes and bottles at the prices stated above.

It is a matter of regret that so many persons should suffer through the neglect of those remedies which have been proved by long experience to be of the highest value. Testimonials are received daily from all parts of the country, and the proprietors have the satisfaction of knowing that the public confidence in these medicines continues undiminished. Sold by all respectable medicine vendors in town and country, and by the agents whose names are annexed, in boxes and bottles at the prices stated above.

THE CONCENTRATED DETERSIVE ESSENCE,

An anti-syphilitic remedy for searching out and purifying the diseased humours of the blood.

It is a matter of regret that so many persons should suffer through the neglect of those remedies which have been proved by long experience to be of the highest value. Testimonials are received daily from all parts of the country, and the proprietors have the satisfaction of knowing that the public confidence in these medicines continues undiminished. Sold by all respectable medicine vendors in town and country, and by the agents whose names are annexed, in boxes and bottles at the prices stated above.

It is a matter of regret that so many persons should suffer through the neglect of those remedies which have been proved by long experience to be of the highest value. Testimonials are received daily from all parts of the country, and the proprietors have the satisfaction of knowing that the public confidence in these medicines continues undiminished. Sold by all respectable medicine vendors in town and country, and by the agents whose names are annexed, in boxes and bottles at the prices stated above.

It is a matter of regret that so many persons should suffer through the neglect of those remedies which have been proved by long experience to be of the highest value. Testimonials are received daily from all parts of the country, and the proprietors have the satisfaction of knowing that the public confidence in these medicines continues undiminished. Sold by all respectable medicine vendors in town and country, and by the agents whose names are annexed, in boxes and bottles at the prices stated above.

It is a matter of regret that so many persons should suffer through the neglect of those remedies which have been proved by long experience to be of the highest value. Testimonials are received daily from all parts of the country, and the proprietors have the satisfaction of knowing that the public confidence in these medicines continues undiminished. Sold by all respectable medicine vendors in town and country, and by the agents whose names are annexed, in boxes and bottles at the prices stated above.

It is a matter of regret that so many persons should suffer through the neglect of those remedies which have been proved by long experience to be of the highest value. Testimonials are received daily from all parts of the country, and the proprietors have the satisfaction of knowing that the public confidence in these medicines continues undiminished. Sold by all respectable medicine vendors in town and country, and by the agents whose names are annexed, in boxes and bottles at the prices stated above.

HEALTH, LONG LIFE, AND HAPPINESS, SECURED BY THAT POPULAR MEDICINE,
PARR'S LIFE PILLS

NO Medicine yet offered to the world ever so rapidly obtained such distinguished celebrity.

It is a matter of regret that so many persons should suffer through the neglect of those remedies which have been proved by long experience to be of the highest value. Testimonials are received daily from all parts of the country, and the proprietors have the satisfaction of knowing that the public confidence in these medicines continues undiminished. Sold by all respectable medicine vendors in town and country, and by the agents whose names are annexed, in boxes and bottles at the prices stated above.

It is a matter of regret that so many persons should suffer through the neglect of those remedies which have been proved by long experience to be of the highest value. Testimonials are received daily from all parts of the country, and the proprietors have the satisfaction of knowing that the public confidence in these medicines continues undiminished. Sold by all respectable medicine vendors in town and country, and by the agents whose names are annexed, in boxes and bottles at the prices stated above.

It is a matter of regret that so many persons should suffer through the neglect of those remedies which have been proved by long experience to be of the highest value. Testimonials are received daily from all parts of the country, and the proprietors have the satisfaction of knowing that the public confidence in these medicines continues undiminished. Sold by all respectable medicine vendors in town and country, and by the agents whose names are annexed, in boxes and bottles at the prices stated above.

It is a matter of regret that so many persons should suffer through the neglect of those remedies which have been proved by long experience to be of the highest value. Testimonials are received daily from all parts of the country, and the proprietors have the satisfaction of knowing that the public confidence in these medicines continues undiminished. Sold by all respectable medicine vendors in town and country, and by the agents whose names are annexed, in boxes and bottles at the prices stated above.

It is a matter of regret that so many persons should suffer through the neglect of those remedies which have been proved by long experience to be of the highest value. Testimonials are received daily from all parts of the country, and the proprietors have the satisfaction of knowing that the public confidence in these medicines continues undiminished. Sold by all respectable medicine vendors in town and country, and by the agents whose names are annexed, in boxes and bottles at the prices stated above.

IMPORTANT TO THE PUBLIC.

'We consider we are performing an act of humanity to the community.'

It is a matter of regret that so many persons should suffer through the neglect of those remedies which have been proved by long experience to be of the highest value. Testimonials are received daily from all parts of the country, and the proprietors have the satisfaction of knowing that the public confidence in these medicines continues undiminished. Sold by all respectable medicine vendors in town and country, and by the agents whose names are annexed, in boxes and bottles at the prices stated above.

It is a matter of regret that so many persons should suffer through the neglect of those remedies which have been proved by long experience to be of the highest value. Testimonials are received daily from all parts of the country, and the proprietors have the satisfaction of knowing that the public confidence in these medicines continues undiminished. Sold by all respectable medicine vendors in town and country, and by the agents whose names are annexed, in boxes and bottles at the prices stated above.

It is a matter of regret that so many persons should suffer through the neglect of those remedies which have been proved by long experience to be of the highest value. Testimonials are received daily from all parts of the country, and the proprietors have the satisfaction of knowing that the public confidence in these medicines continues undiminished. Sold by all respectable medicine vendors in town and country, and by the agents whose names are annexed, in boxes and bottles at the prices stated above.

It is a matter of regret that so many persons should suffer through the neglect of those remedies which have been proved by long experience to be of the highest value. Testimonials are received daily from all parts of the country, and the proprietors have the satisfaction of knowing that the public confidence in these medicines continues undiminished. Sold by all respectable medicine vendors in town and country, and by the agents whose names are annexed, in boxes and bottles at the prices stated above.

It is a matter of regret that so many persons should suffer through the neglect of those remedies which have been proved by long experience to be of the highest value. Testimonials are received daily from all parts of the country, and the proprietors have the satisfaction of knowing that the public confidence in these medicines continues undiminished. Sold by all respectable medicine vendors in town and country, and by the agents whose names are annexed, in boxes and bottles at the prices stated above.
